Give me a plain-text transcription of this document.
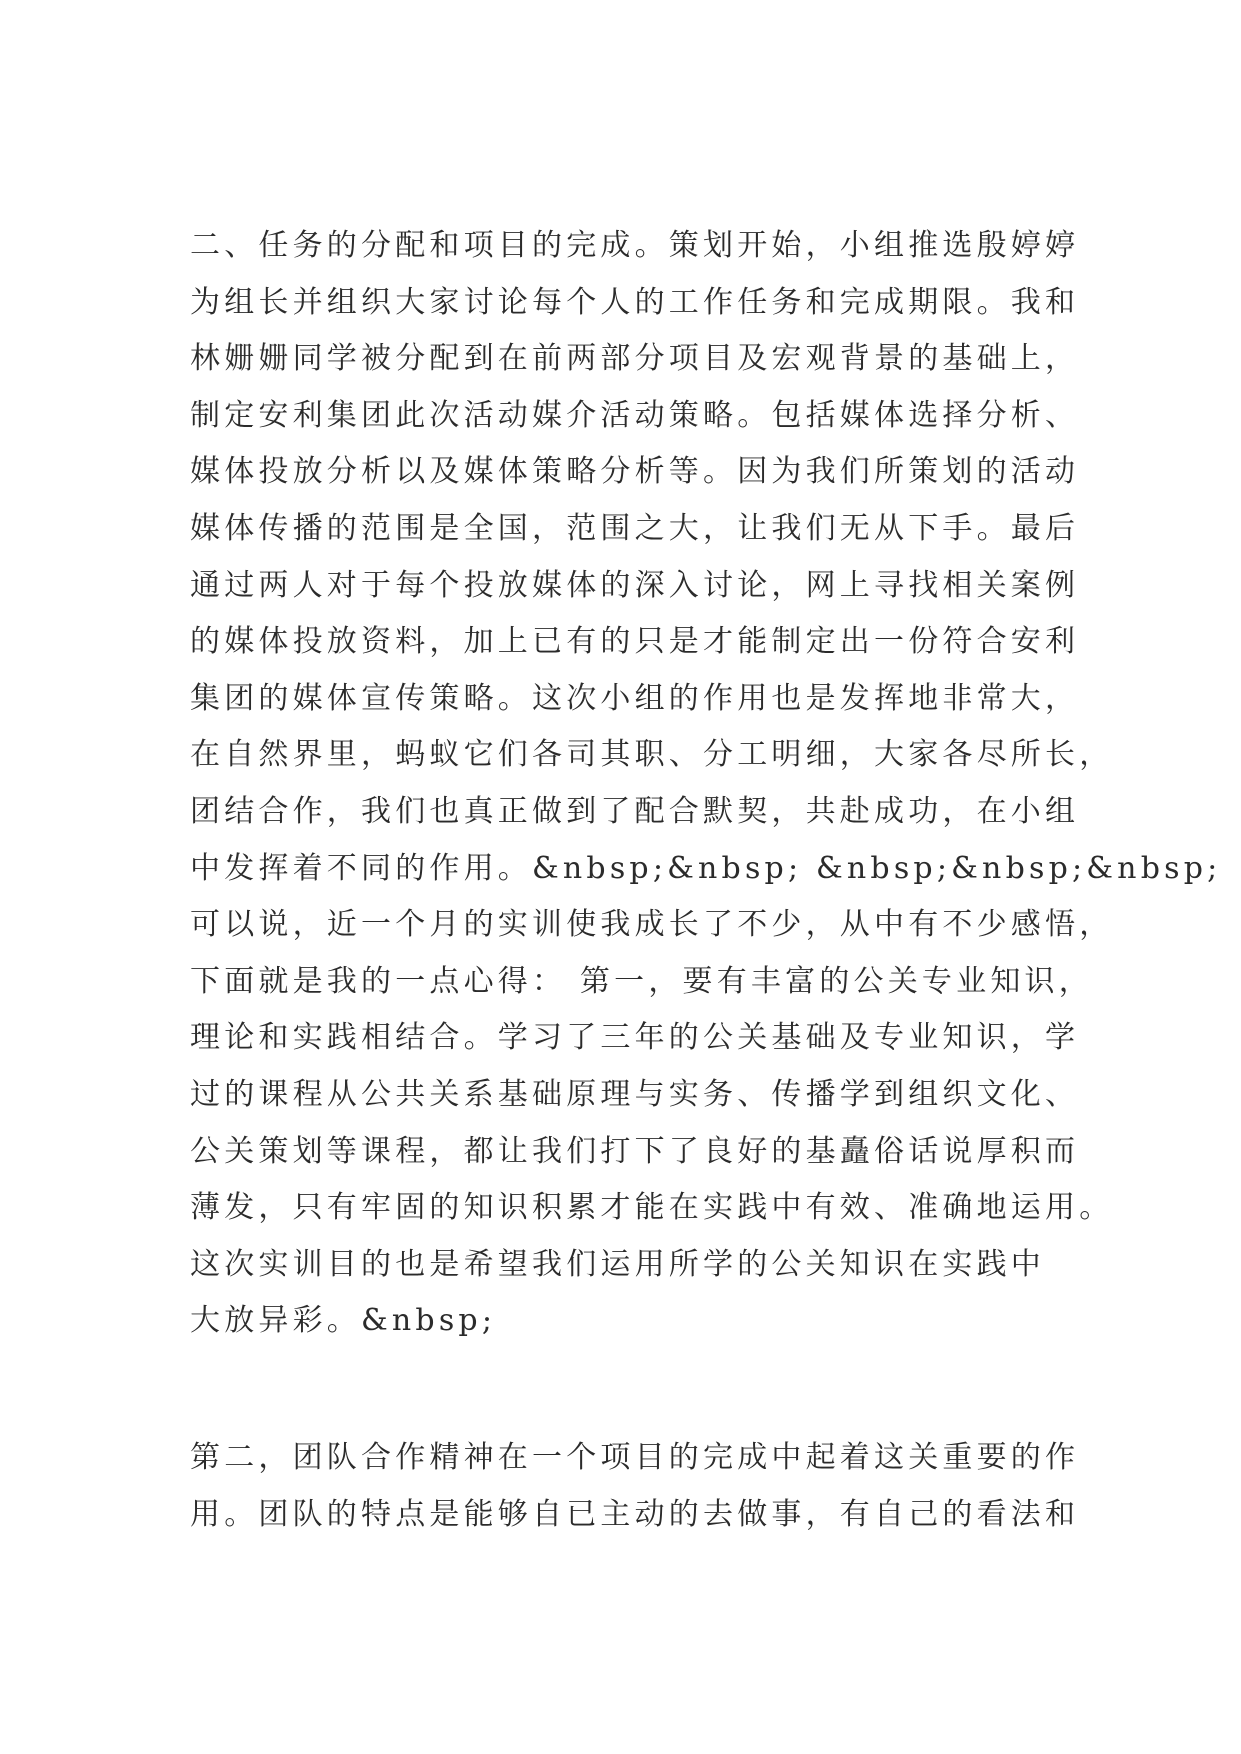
二、任务的分配和项目的完成。策划开始，小组推选殷婷婷
为组长并组织大家讨论每个人的工作任务和完成期限。我和
林姗姗同学被分配到在前两部分项目及宏观背景的基础上，
制定安利集团此次活动媒介活动策略。包括媒体选择分析、
媒体投放分析以及媒体策略分析等。因为我们所策划的活动
媒体传播的范围是全国，范围之大，让我们无从下手。最后
通过两人对于每个投放媒体的深入讨论，网上寻找相关案例
的媒体投放资料，加上已有的只是才能制定出一份符合安利
集团的媒体宣传策略。这次小组的作用也是发挥地非常大，
在自然界里，蚂蚁它们各司其职、分工明细，大家各尽所长，
团结合作，我们也真正做到了配合默契，共赴成功，在小组
中发挥着不同的作用。&nbsp;&nbsp; &nbsp;&nbsp;&nbsp;
可以说，近一个月的实训使我成长了不少，从中有不少感悟，
下面就是我的一点心得： 第一，要有丰富的公关专业知识，
理论和实践相结合。学习了三年的公关基础及专业知识，学
过的课程从公共关系基础原理与实务、传播学到组织文化、
公关策划等课程，都让我们打下了良好的基矗俗话说厚积而
薄发，只有牢固的知识积累才能在实践中有效、准确地运用。
这次实训目的也是希望我们运用所学的公关知识在实践中
大放异彩。&nbsp;
第二，团队合作精神在一个项目的完成中起着这关重要的作
用。团队的特点是能够自已主动的去做事，有自己的看法和
